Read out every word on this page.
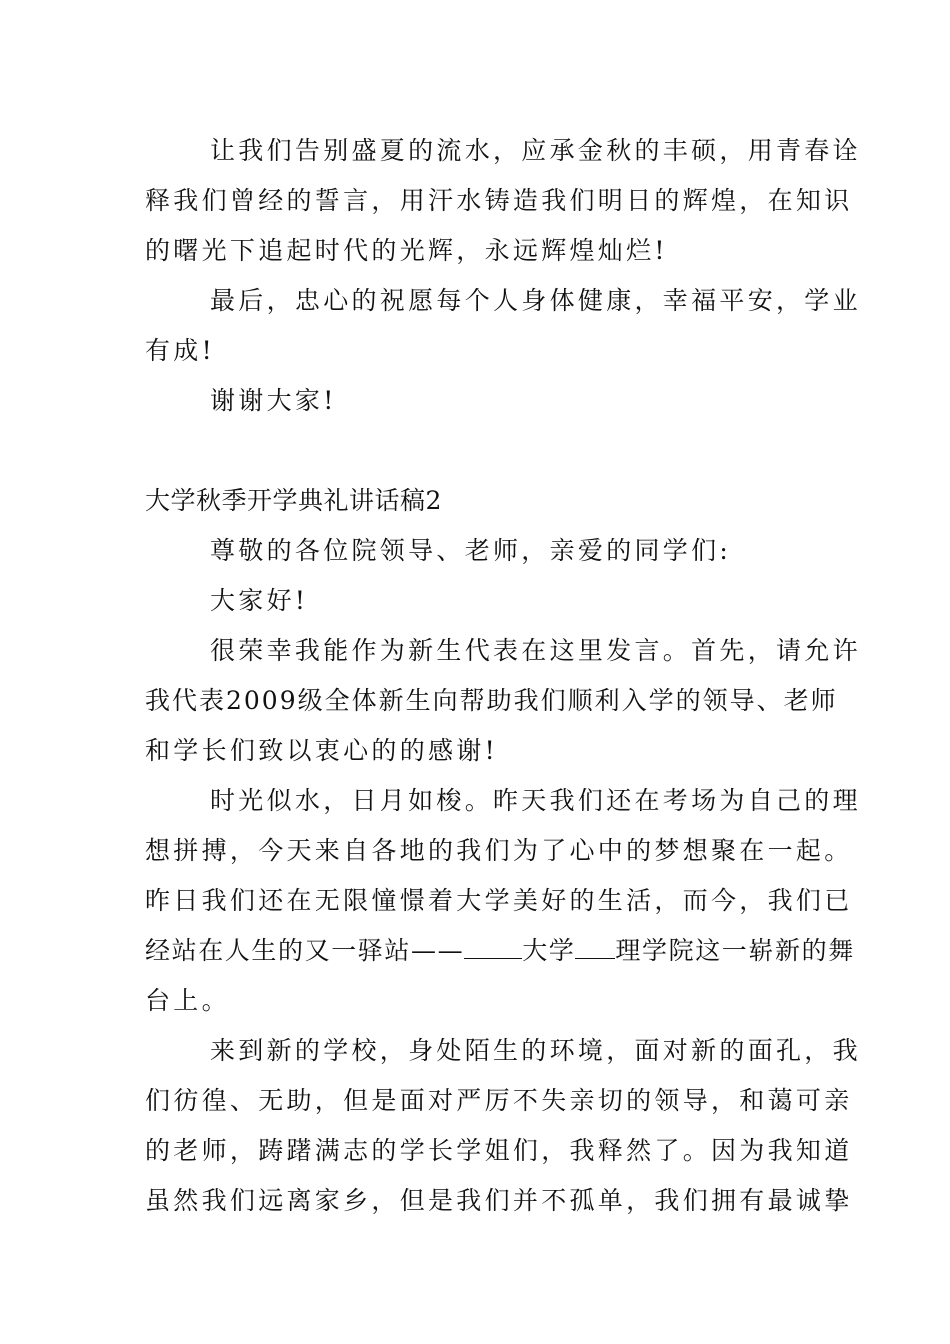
让我们告别盛夏的流水，应承金秋的丰硕，用青春诠
释我们曾经的誓言，用汗水铸造我们明日的辉煌，在知识
的曙光下追起时代的光辉，永远辉煌灿烂!
最后，忠心的祝愿每个人身体健康，幸福平安，学业
有成!
谢谢大家!
大学秋季开学典礼讲话稿2
尊敬的各位院领导、老师，亲爱的同学们:
大家好!
很荣幸我能作为新生代表在这里发言。首先，请允许
我代表2009级全体新生向帮助我们顺利入学的领导、老师
和学长们致以衷心的的感谢!
时光似水，日月如梭。昨天我们还在考场为自己的理
想拼搏，今天来自各地的我们为了心中的梦想聚在一起。
昨日我们还在无限憧憬着大学美好的生活，而今，我们已
经站在人生的又一驿站—— 大学 理学院这一崭新的舞
台上。
来到新的学校，身处陌生的环境，面对新的面孔，我
们彷徨、无助，但是面对严厉不失亲切的领导，和蔼可亲
的老师，踌躇满志的学长学姐们，我释然了。因为我知道
虽然我们远离家乡，但是我们并不孤单，我们拥有最诚挚
